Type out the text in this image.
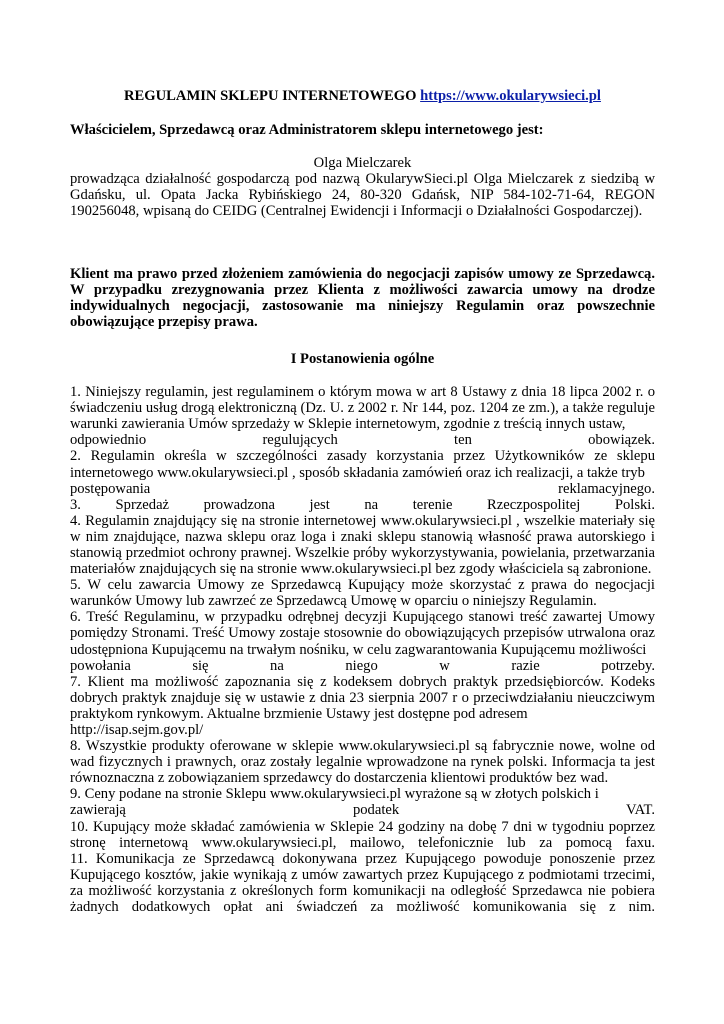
REGULAMIN SKLEPU INTERNETOWEGO https://www.okularywsieci.pl
Właścicielem, Sprzedawcą oraz Administratorem sklepu internetowego jest:
Olga Mielczarek
prowadząca działalność gospodarczą pod nazwą OkularywSieci.pl Olga Mielczarek z siedzibą w Gdańsku, ul. Opata Jacka Rybińskiego 24, 80-320 Gdańsk, NIP 584-102-71-64, REGON 190256048, wpisaną do CEIDG (Centralnej Ewidencji i Informacji o Działalności Gospodarczej).
Klient ma prawo przed złożeniem zamówienia do negocjacji zapisów umowy ze Sprzedawcą. W przypadku zrezygnowania przez Klienta z możliwości zawarcia umowy na drodze indywidualnych negocjacji, zastosowanie ma niniejszy Regulamin oraz powszechnie obowiązujące przepisy prawa.
I Postanowienia ogólne
1. Niniejszy regulamin, jest regulaminem o którym mowa w art 8 Ustawy z dnia 18 lipca 2002 r. o świadczeniu usług drogą elektroniczną (Dz. U. z 2002 r. Nr 144, poz. 1204 ze zm.), a także reguluje warunki zawierania Umów sprzedaży w Sklepie internetowym, zgodnie z treścią innych ustaw,
odpowiednio regulujących ten obowiązek.
2. Regulamin określa w szczególności zasady korzystania przez Użytkowników ze sklepu internetowego www.okularywsieci.pl , sposób składania zamówień oraz ich realizacji, a także tryb
postępowania reklamacyjnego.
3. Sprzedaż prowadzona jest na terenie Rzeczpospolitej Polski.
4. Regulamin znajdujący się na stronie internetowej www.okularywsieci.pl , wszelkie materiały się w nim znajdujące, nazwa sklepu oraz loga i znaki sklepu stanowią własność prawa autorskiego i stanowią przedmiot ochrony prawnej. Wszelkie próby wykorzystywania, powielania, przetwarzania materiałów znajdujących się na stronie www.okularywsieci.pl bez zgody właściciela są zabronione.
5. W celu zawarcia Umowy ze Sprzedawcą Kupujący może skorzystać z prawa do negocjacji warunków Umowy lub zawrzeć ze Sprzedawcą Umowę w oparciu o niniejszy Regulamin.
6. Treść Regulaminu, w przypadku odrębnej decyzji Kupującego stanowi treść zawartej Umowy pomiędzy Stronami. Treść Umowy zostaje stosownie do obowiązujących przepisów utrwalona oraz udostępniona Kupującemu na trwałym nośniku, w celu zagwarantowania Kupującemu możliwości
powołania się na niego w razie potrzeby.
7. Klient ma możliwość zapoznania się z kodeksem dobrych praktyk przedsiębiorców. Kodeks dobrych praktyk znajduje się w ustawie z dnia 23 sierpnia 2007 r o przeciwdziałaniu nieuczciwym praktykom rynkowym. Aktualne brzmienie Ustawy jest dostępne pod adresem
http://isap.sejm.gov.pl/
8. Wszystkie produkty oferowane w sklepie www.okularywsieci.pl są fabrycznie nowe, wolne od wad fizycznych i prawnych, oraz zostały legalnie wprowadzone na rynek polski. Informacja ta jest równoznaczna z zobowiązaniem sprzedawcy do dostarczenia klientowi produktów bez wad.
9. Ceny podane na stronie Sklepu www.okularywsieci.pl wyrażone są w złotych polskich i
zawierają podatek VAT.
10. Kupujący może składać zamówienia w Sklepie 24 godziny na dobę 7 dni w tygodniu poprzez stronę internetową www.okularywsieci.pl, mailowo, telefonicznie lub za pomocą faxu.
11. Komunikacja ze Sprzedawcą dokonywana przez Kupującego powoduje ponoszenie przez Kupującego kosztów, jakie wynikają z umów zawartych przez Kupującego z podmiotami trzecimi, za możliwość korzystania z określonych form komunikacji na odległość Sprzedawca nie pobiera żadnych dodatkowych opłat ani świadczeń za możliwość komunikowania się z nim.
